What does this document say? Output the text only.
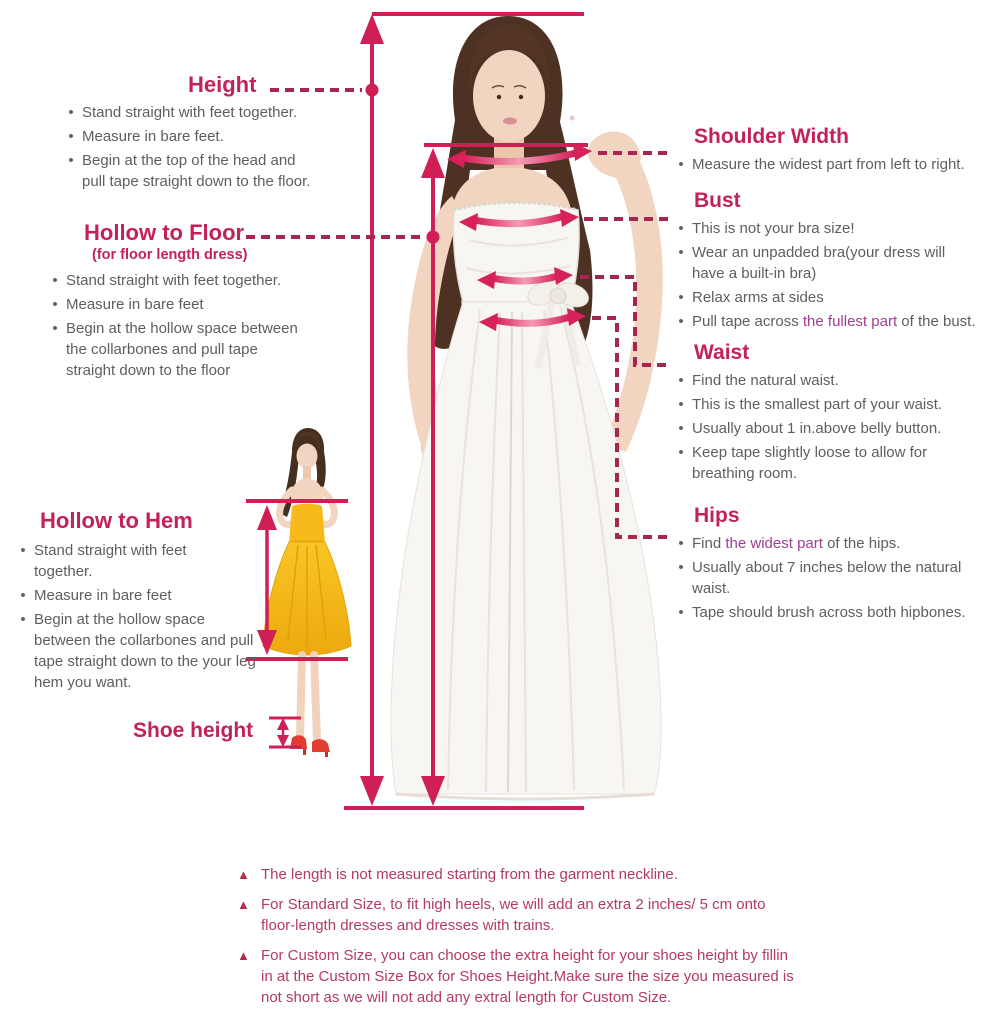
Height
• Stand straight with feet together.
• Measure in bare feet.
• Begin at the top of the head and
pull tape straight down to the floor.
Hollow to Floor
(for floor length dress)
• Stand straight with feet together.
• Measure in bare feet
• Begin at the hollow space between
the collarbones and pull tape
straight down to the floor
Hollow to Hem
• Stand straight with feet
together.
• Measure in bare feet
• Begin at the hollow space
between the collarbones and pull
tape straight down to the your leg
hem you want.
Shoe height
Shoulder Width
• Measure the widest part from left to right.
Bust
• This is not your bra size!
• Wear an unpadded bra(your dress will
have a built-in bra)
• Relax arms at sides
• Pull tape across the fullest part of the bust.
Waist
• Find the natural waist.
• This is the smallest part of your waist.
• Usually about 1 in.above belly button.
• Keep tape slightly loose to allow for
breathing room.
Hips
• Find the widest part of the hips.
• Usually about 7 inches below the natural
waist.
• Tape should brush across both hipbones.
▲ The length is not measured starting from the garment neckline.
▲ For Standard Size, to fit high heels, we will add an extra 2 inches/ 5 cm onto
floor-length dresses and dresses with trains.
▲ For Custom Size, you can choose the extra height for your shoes height by fillin
in at the Custom Size Box for Shoes Height.Make sure the size you measured is
not short as we will not add any extral length for Custom Size.
